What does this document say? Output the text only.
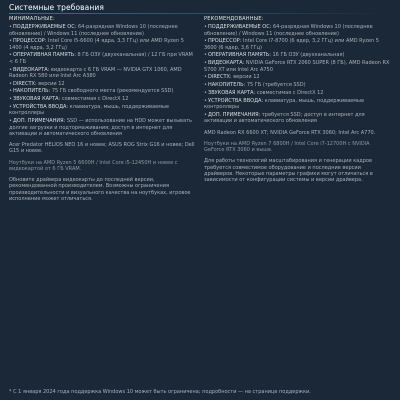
Системные требования
МИНИМАЛЬНЫЕ:
•ПОДДЕРЖИВАЕМЫЕ ОС: 64-разрядная Windows 10 (последнее обновление) / Windows 11 (последнее обновление)
•ПРОЦЕССОР: Intel Core i5-6600 (4 ядра, 3,3 ГГц) или AMD Ryzen 5 1400 (4 ядра, 3,2 ГГц)
•ОПЕРАТИВНАЯ ПАМЯТЬ: 8 ГБ ОЗУ (двухканальная) / 12 ГБ при VRAM < 6 ГБ
•ВИДЕОКАРТА: видеокарта с 6 ГБ VRAM — NVIDIA GTX 1060, AMD Radeon RX 580 или Intel Arc A380
•DIRECTX: версии 12
•НАКОПИТЕЛЬ: 75 ГБ свободного места (рекомендуется SSD)
•ЗВУКОВАЯ КАРТА: совместимая с DirectX 12
•УСТРОЙСТВА ВВОДА: клавиатура, мышь, поддерживаемые контроллеры
•ДОП. ПРИМЕЧАНИЯ: SSD — использование на HDD может вызывать долгие загрузки и подтормаживания; доступ в интернет для активации и автоматического обновления
Acer Predator HELIOS NEO 16 и новее; ASUS ROG Strix G16 и новее; Dell G15 и новее.
Ноутбуки на AMD Ryzen 5 6600H / Intel Core i5-12450H и новее с видеокартой от 6 ГБ VRAM.
Обновите драйвера видеокарты до последней версии, рекомендованной производителем. Возможны ограничения производительности и визуального качества на ноутбуках, игровое исполнение может отличаться.
РЕКОМЕНДОВАННЫЕ:
•ПОДДЕРЖИВАЕМЫЕ ОС: 64-разрядная Windows 10 (последнее обновление) / Windows 11 (последнее обновление)
•ПРОЦЕССОР: Intel Core i7-8700 (6 ядер, 3,2 ГГц) или AMD Ryzen 5 3600 (6 ядер, 3,6 ГГц)
•ОПЕРАТИВНАЯ ПАМЯТЬ: 16 ГБ ОЗУ (двухканальная)
•ВИДЕОКАРТА: NVIDIA GeForce RTX 2060 SUPER (8 ГБ), AMD Radeon RX 5700 XT или Intel Arc A750
•DIRECTX: версии 12
•НАКОПИТЕЛЬ: 75 ГБ (требуется SSD)
•ЗВУКОВАЯ КАРТА: совместимая с DirectX 12
•УСТРОЙСТВА ВВОДА: клавиатура, мышь, поддерживаемые контроллеры
•ДОП. ПРИМЕЧАНИЯ: требуется SSD; доступ в интернет для активации и автоматического обновления
AMD Radeon RX 6600 XT; NVIDIA GeForce RTX 3060; Intel Arc A770.
Ноутбуки на AMD Ryzen 7 6800H / Intel Core i7-12700H с NVIDIA GeForce RTX 3060 и выше.
Для работы технологий масштабирования и генерации кадров требуется совместимое оборудование и последние версии драйверов. Некоторые параметры графики могут отличаться в зависимости от конфигурации системы и версии драйвера.
* С 1 января 2024 года поддержка Windows 10 может быть ограничена; подробности — на странице поддержки.
